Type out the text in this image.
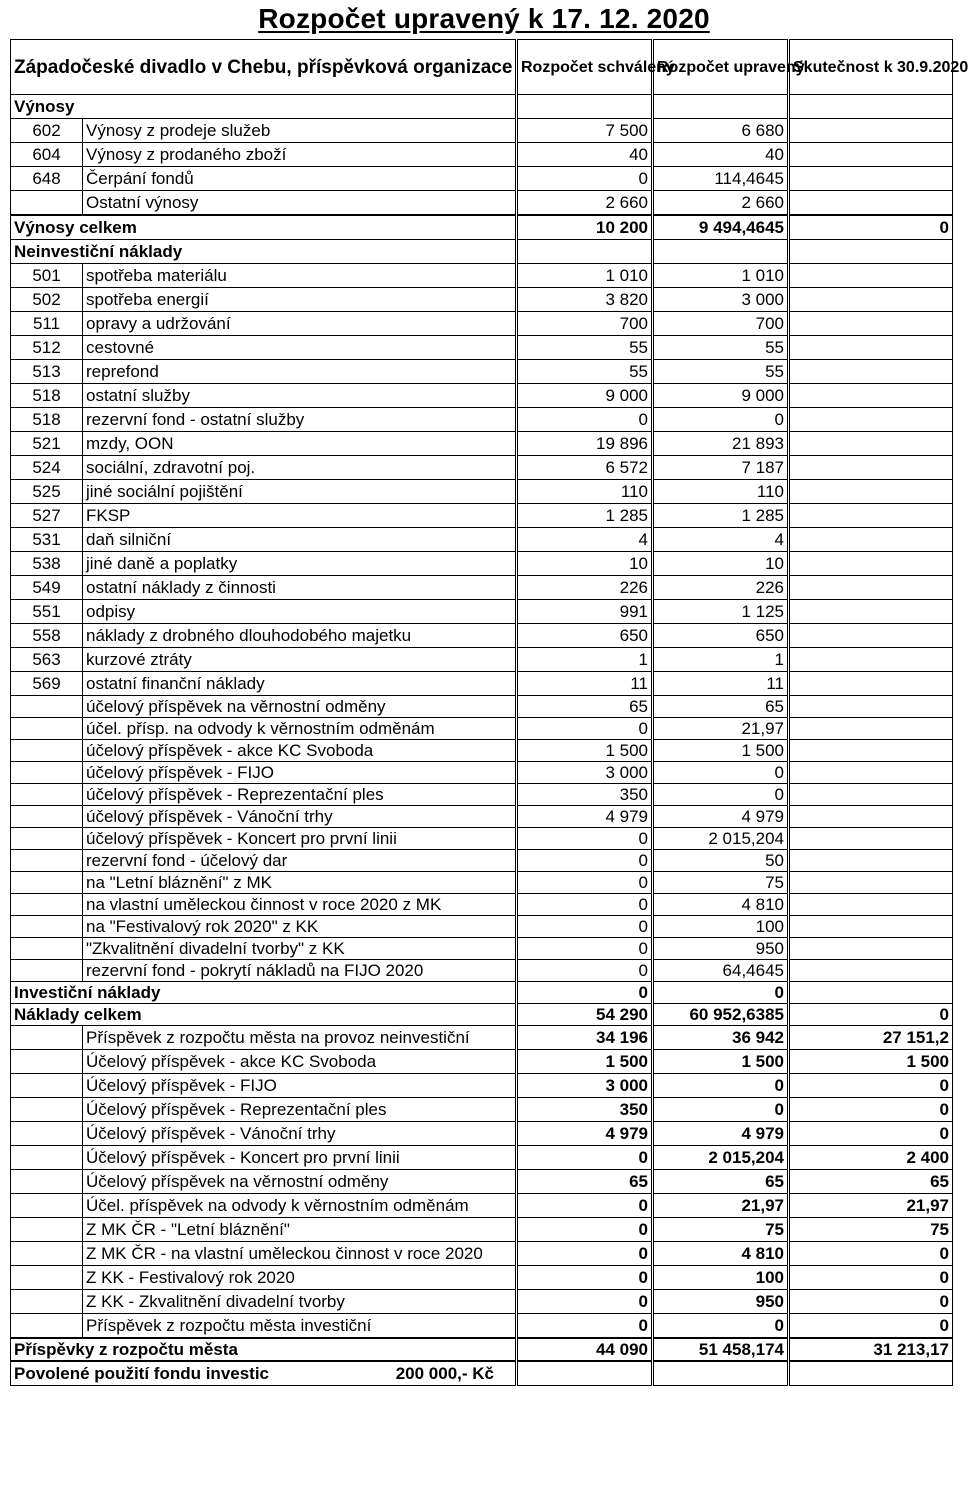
Rozpočet upravený k 17. 12. 2020
Západočeské divadlo v Chebu, příspěvková organizace			Rozpočet schválený		Rozpočet upravený		Skutečnost k 30.9.2020
Výnosy							
602	Výnosy z prodeje služeb		7 500		6 680		
604	Výnosy z prodaného zboží		40		40		
648	Čerpání fondů		0		114,4645		
	Ostatní výnosy		2 660		2 660		
Výnosy celkem			10 200		9 494,4645		0
Neinvestiční náklady							
501	spotřeba materiálu		1 010		1 010		
502	spotřeba energií		3 820		3 000		
511	opravy a udržování		700		700		
512	cestovné		55		55		
513	reprefond		55		55		
518	ostatní služby		9 000		9 000		
518	rezervní fond - ostatní služby		0		0		
521	mzdy, OON		19 896		21 893		
524	sociální, zdravotní poj.		6 572		7 187		
525	jiné sociální pojištění		110		110		
527	FKSP		1 285		1 285		
531	daň silniční		4		4		
538	jiné daně a poplatky		10		10		
549	ostatní náklady z činnosti		226		226		
551	odpisy		991		1 125		
558	náklady z drobného dlouhodobého majetku		650		650		
563	kurzové ztráty		1		1		
569	ostatní finanční náklady		11		11		
	účelový příspěvek na věrnostní odměny		65		65		
	účel. přísp. na odvody k věrnostním odměnám		0		21,97		
	účelový příspěvek - akce KC Svoboda		1 500		1 500		
	účelový příspěvek - FIJO		3 000		0		
	účelový příspěvek - Reprezentační ples		350		0		
	účelový příspěvek - Vánoční trhy		4 979		4 979		
	účelový příspěvek - Koncert pro první linii		0		2 015,204		
	rezervní fond - účelový dar		0		50		
	na "Letní bláznění" z MK		0		75		
	na vlastní uměleckou činnost v roce 2020 z MK		0		4 810		
	na "Festivalový rok 2020" z KK		0		100		
	"Zkvalitnění divadelní tvorby" z KK		0		950		
	rezervní fond - pokrytí nákladů na FIJO 2020		0		64,4645		
Investiční náklady			0		0		
Náklady celkem			54 290		60 952,6385		0
	Příspěvek z rozpočtu města na provoz neinvestiční		34 196		36 942		27 151,2
	Účelový příspěvek - akce KC Svoboda		1 500		1 500		1 500
	Účelový příspěvek - FIJO		3 000		0		0
	Účelový příspěvek - Reprezentační ples		350		0		0
	Účelový příspěvek - Vánoční trhy		4 979		4 979		0
	Účelový příspěvek - Koncert pro první linii		0		2 015,204		2 400
	Účelový příspěvek na věrnostní odměny		65		65		65
	Účel. příspěvek na odvody k věrnostním odměnám		0		21,97		21,97
	Z MK ČR - "Letní bláznění"		0		75		75
	Z MK ČR - na vlastní uměleckou činnost v roce 2020		0		4 810		0
	Z KK - Festivalový rok 2020		0		100		0
	Z KK - Zkvalitnění divadelní tvorby		0		950		0
	Příspěvek z rozpočtu města investiční		0		0		0
Příspěvky z rozpočtu města			44 090		51 458,174		31 213,17

Povolené použití fondu investic 200 000,- Kč							
